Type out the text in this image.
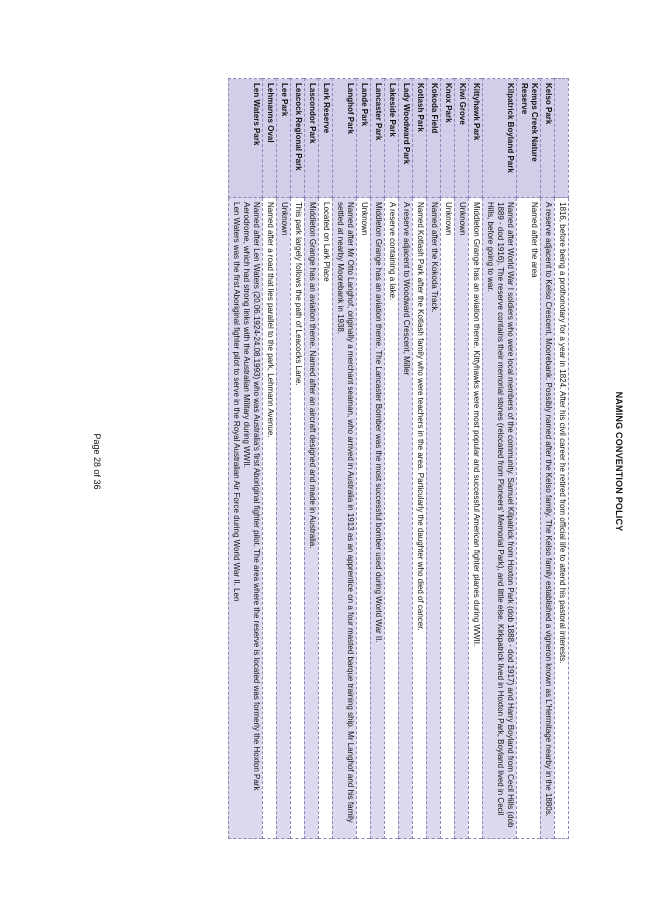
NAMING CONVENTION POLICY
	1816, before being a prothonotary for a year in 1824. After his civil career he retired from official life to attend his pastoral interests.
Kelso Park	A reserve adjacent to Kelso Crescent, Moorebank. Possibly named after the Kelso family. The Kelso family established a vigneron known as L'Hermitage nearby in the 1880s.
Kemps Creek Nature Reserve	Named after the area
Kilpatrick Boyland Park	Named after World War I soldiers who were local members of the community. Samuel Kilpatrick from Hoxton Park (dob 1888 - dod 1917) and Harry Boyland from Cecil Hills (dob 1889 - dod 1916). The reserve contains their memorial stones (relocated from Pioneers' Memorial Park), and little else. Kirkpatrick lived in Hoxton Park, Boyland lived in Cecil Hills, before going to war.
Kittyhawk Park	Middleton Grange has an aviation theme. Kittyhawks were most popular and successful American fighter planes during WWII.
Kiwi Grove	Unknown
Knox Park	Unknown
Kokoda Field	Named after the Kokoda Track.
Kotlash Park	Named Kotlash Park after the Kotlash family who were teachers in the area. Particularly the daughter who died of cancer.
Lady Woodward Park	A reserve adjacent to Woodward Crescent, Miller
Lakeside Park	A reserve containing a lake.
Lancaster Park	Middleton Grange has an aviation theme. The Lancaster Bomber was the most successful bomber used during World War II.
Lande Park	Unknown
Langhof Park	Named after Mr Otto Langhof, originally a merchant seaman, who arrived in Australia in 1913 as an apprentice on a four masted barque training ship. Mr Langhof and his family settled at nearby Moorebank in 1938.
Lark Reserve	Located on Lark Place
Lascondor Park	Middleton Grange has an aviation theme. Named after an aircraft designed and made in Australia.
Leacock Regional Park	This park largely follows the path of Leacocks Lane.
Lee Park	Unknown
Lehmanns Oval	Named after a road that lies parallel to the park, Lehmann Avenue.
Len Waters Park	Named after Len Waters (20.06.1924-24.08.1993) who was Australia's first Aboriginal fighter pilot. The area where the reserve is located was formerly the Hoxton Park Aerodrome, which had strong links with the Australian Military during WWII.
Len Waters was the first Aboriginal fighter pilot to serve in the Royal Australian Air Force during World War II. Len
Page 28 of 36
